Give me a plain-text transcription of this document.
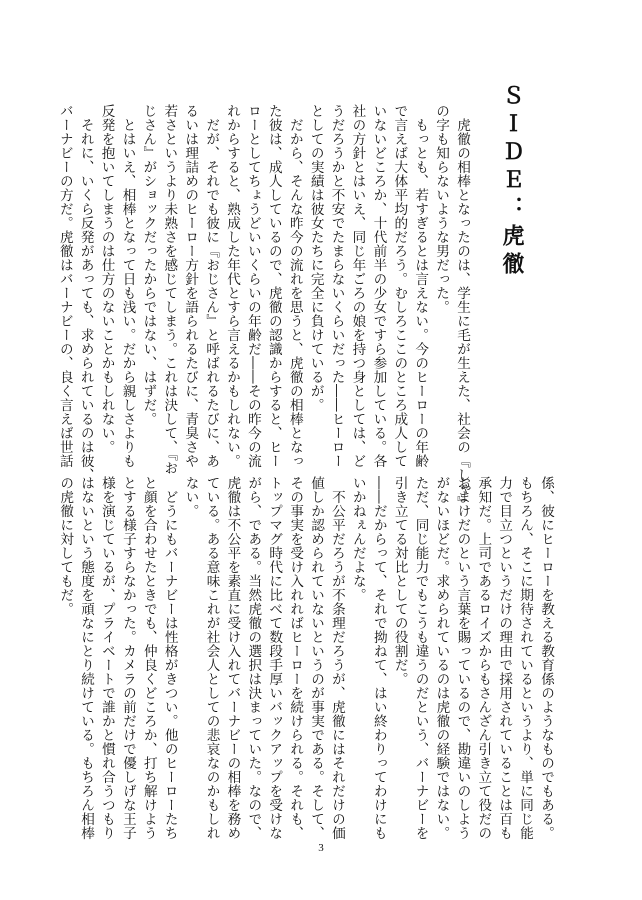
ＳＩＤＥ：虎徹

　虎徹の相棒となったのは、学生に毛が生えた、社会の『しゃ』

の字も知らないような男だった。

　もっとも、若すぎるとは言えない。今のヒーローの年齢

で言えば大体平均的だろう。むしろここのところ成人して

いないどころか、十代前半の少女ですら参加している。各

社の方針とはいえ、同じ年ごろの娘を持つ身としては、ど

うだろうかと不安でたまらないくらいだった――ヒーロー

としての実績は彼女たちに完全に負けているが。

　だから、そんな昨今の流れを思うと、虎徹の相棒となっ

た彼は、成人しているので、虎徹の認識からすると、ヒー

ローとしてちょうどいいくらいの年齢だ――その昨今の流

れからすると、熟成した年代とすら言えるかもしれない。

　だが、それでも彼に『おじさん』と呼ばれるたびに、あ

るいは理詰めのヒーロー方針を語られるたびに、青臭さや

若さというより未熟さを感じてしまう。これは決して、『お

じさん』がショックだったからではない、はずだ。

　とはいえ、相棒となって日も浅い。だから親しさよりも

反発を抱いてしまうのは仕方のないことかもしれない。

　それに、いくら反発があっても、求められているのは彼、

バーナビーの方だ。虎徹はバーナビーの、良く言えば世話

係、彼にヒーローを教える教育係のようなものでもある。

もちろん、そこに期待されているというより、単に同じ能

力で目立つというだけの理由で採用されていることは百も

承知だ。上司であるロイズからもさんざん引き立て役だの

おまけだのという言葉を賜っているので、勘違いのしよう

がないほどだ。求められているのは虎徹の経験ではない。

ただ、同じ能力でもこうも違うのだという、バーナビーを

引き立てる対比としての役割だ。

――だからって、それで拗ねて、はい終わりってわけにも

いかねぇんだよな。

　不公平だろうが不条理だろうが、虎徹にはそれだけの価

値しか認められていないというのが事実である。そして、

その事実を受け入れればヒーローを続けられる。それも、

トップマグ時代に比べて数段手厚いバックアップを受けな

がら、である。当然虎徹の選択は決まっていた。なので、

虎徹は不公平を素直に受け入れてバーナビーの相棒を務め

ている。ある意味これが社会人としての悲哀なのかもしれ

ない。

　どうにもバーナビーは性格がきつい。他のヒーローたち

と顔を合わせたときでも、仲良くどころか、打ち解けよう

とする様子すらなかった。カメラの前だけで優しげな王子

様を演じているが、プライベートで誰かと慣れ合うつもり

はないという態度を頑なにとり続けている。もちろん相棒

の虎徹に対してもだ。

3
